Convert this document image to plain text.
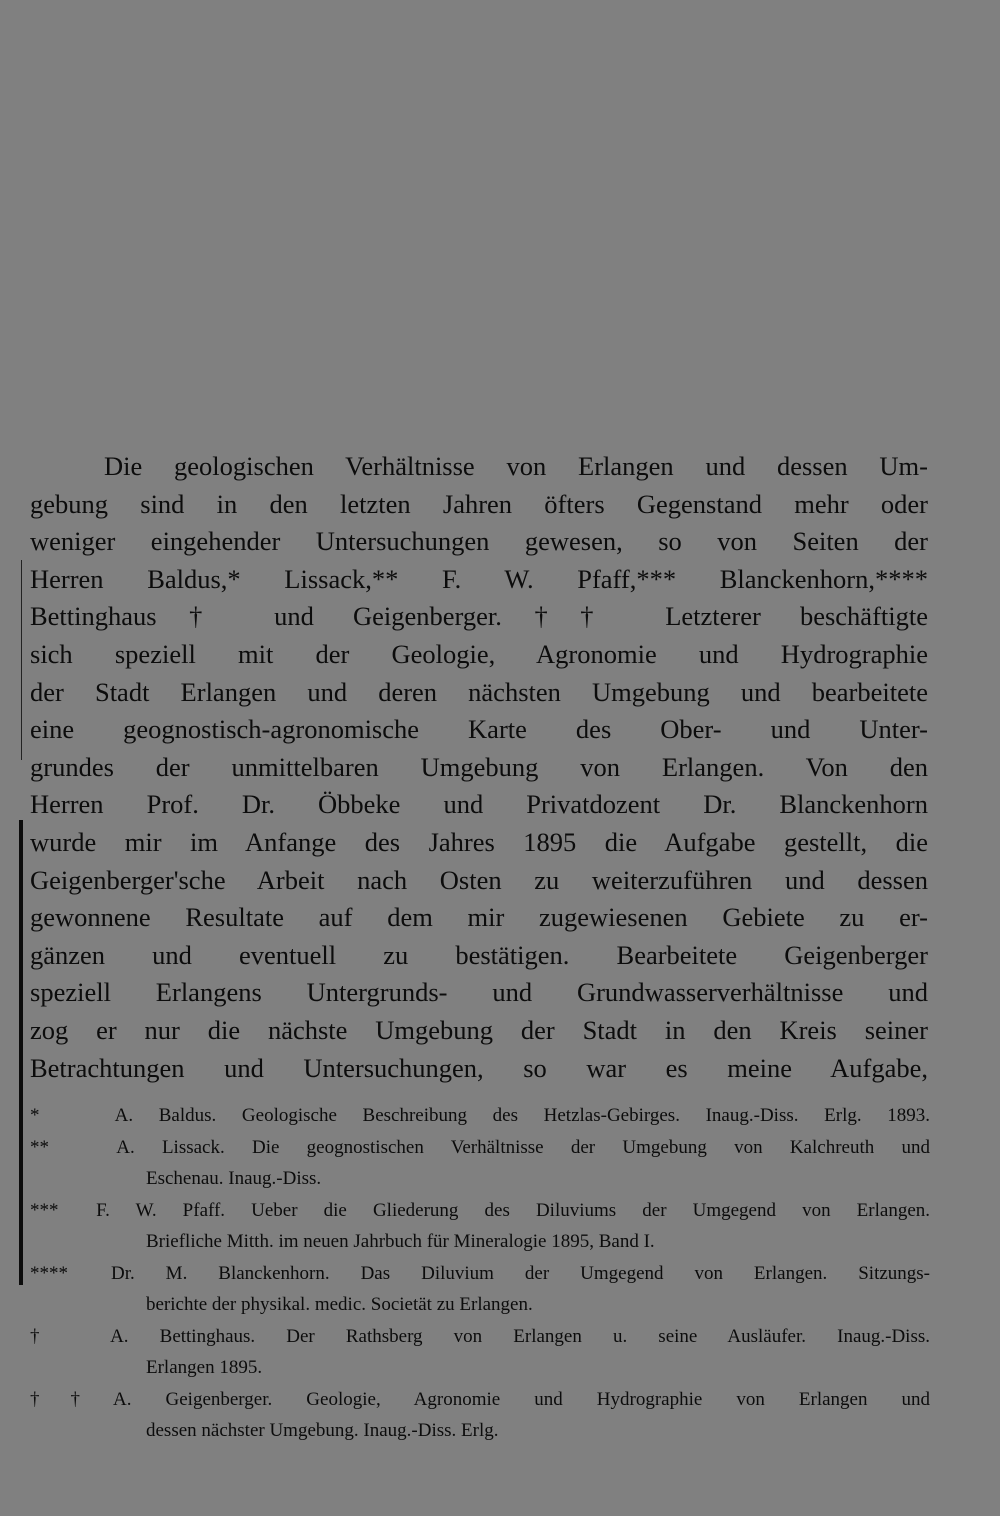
Die geologischen Verhältnisse von Erlangen und dessen Um-
gebung sind in den letzten Jahren öfters Gegenstand mehr oder
weniger eingehender Untersuchungen gewesen, so von Seiten der
Herren Baldus,* Lissack,** F. W. Pfaff,*** Blanckenhorn,****
Bettinghaus† und Geigenberger.†† Letzterer beschäftigte
sich speziell mit der Geologie, Agronomie und Hydrographie
der Stadt Erlangen und deren nächsten Umgebung und bearbeitete
eine geognostisch-agronomische Karte des Ober- und Unter-
grundes der unmittelbaren Umgebung von Erlangen. Von den
Herren Prof. Dr. Öbbeke und Privatdozent Dr. Blanckenhorn
wurde mir im Anfange des Jahres 1895 die Aufgabe gestellt, die
Geigenberger'sche Arbeit nach Osten zu weiterzuführen und dessen
gewonnene Resultate auf dem mir zugewiesenen Gebiete zu er-
gänzen und eventuell zu bestätigen. Bearbeitete Geigenberger
speziell Erlangens Untergrunds- und Grundwasserverhältnisse und
zog er nur die nächste Umgebung der Stadt in den Kreis seiner
Betrachtungen und Untersuchungen, so war es meine Aufgabe,
*	A. Baldus. Geologische Beschreibung des Hetzlas-Gebirges. Inaug.-Diss. Erlg. 1893.
**	A. Lissack. Die geognostischen Verhältnisse der Umgebung von Kalchreuth und
Eschenau. Inaug.-Diss.
*** F. W. Pfaff. Ueber die Gliederung des Diluviums der Umgegend von Erlangen.
Briefliche Mitth. im neuen Jahrbuch für Mineralogie 1895, Band I.
**** Dr. M. Blanckenhorn. Das Diluvium der Umgegend von Erlangen. Sitzungs-
berichte der physikal. medic. Societät zu Erlangen.
†	A. Bettinghaus. Der Rathsberg von Erlangen u. seine Ausläufer. Inaug.-Diss.
Erlangen 1895.
†† A. Geigenberger. Geologie, Agronomie und Hydrographie von Erlangen und
dessen nächster Umgebung. Inaug.-Diss. Erlg.
